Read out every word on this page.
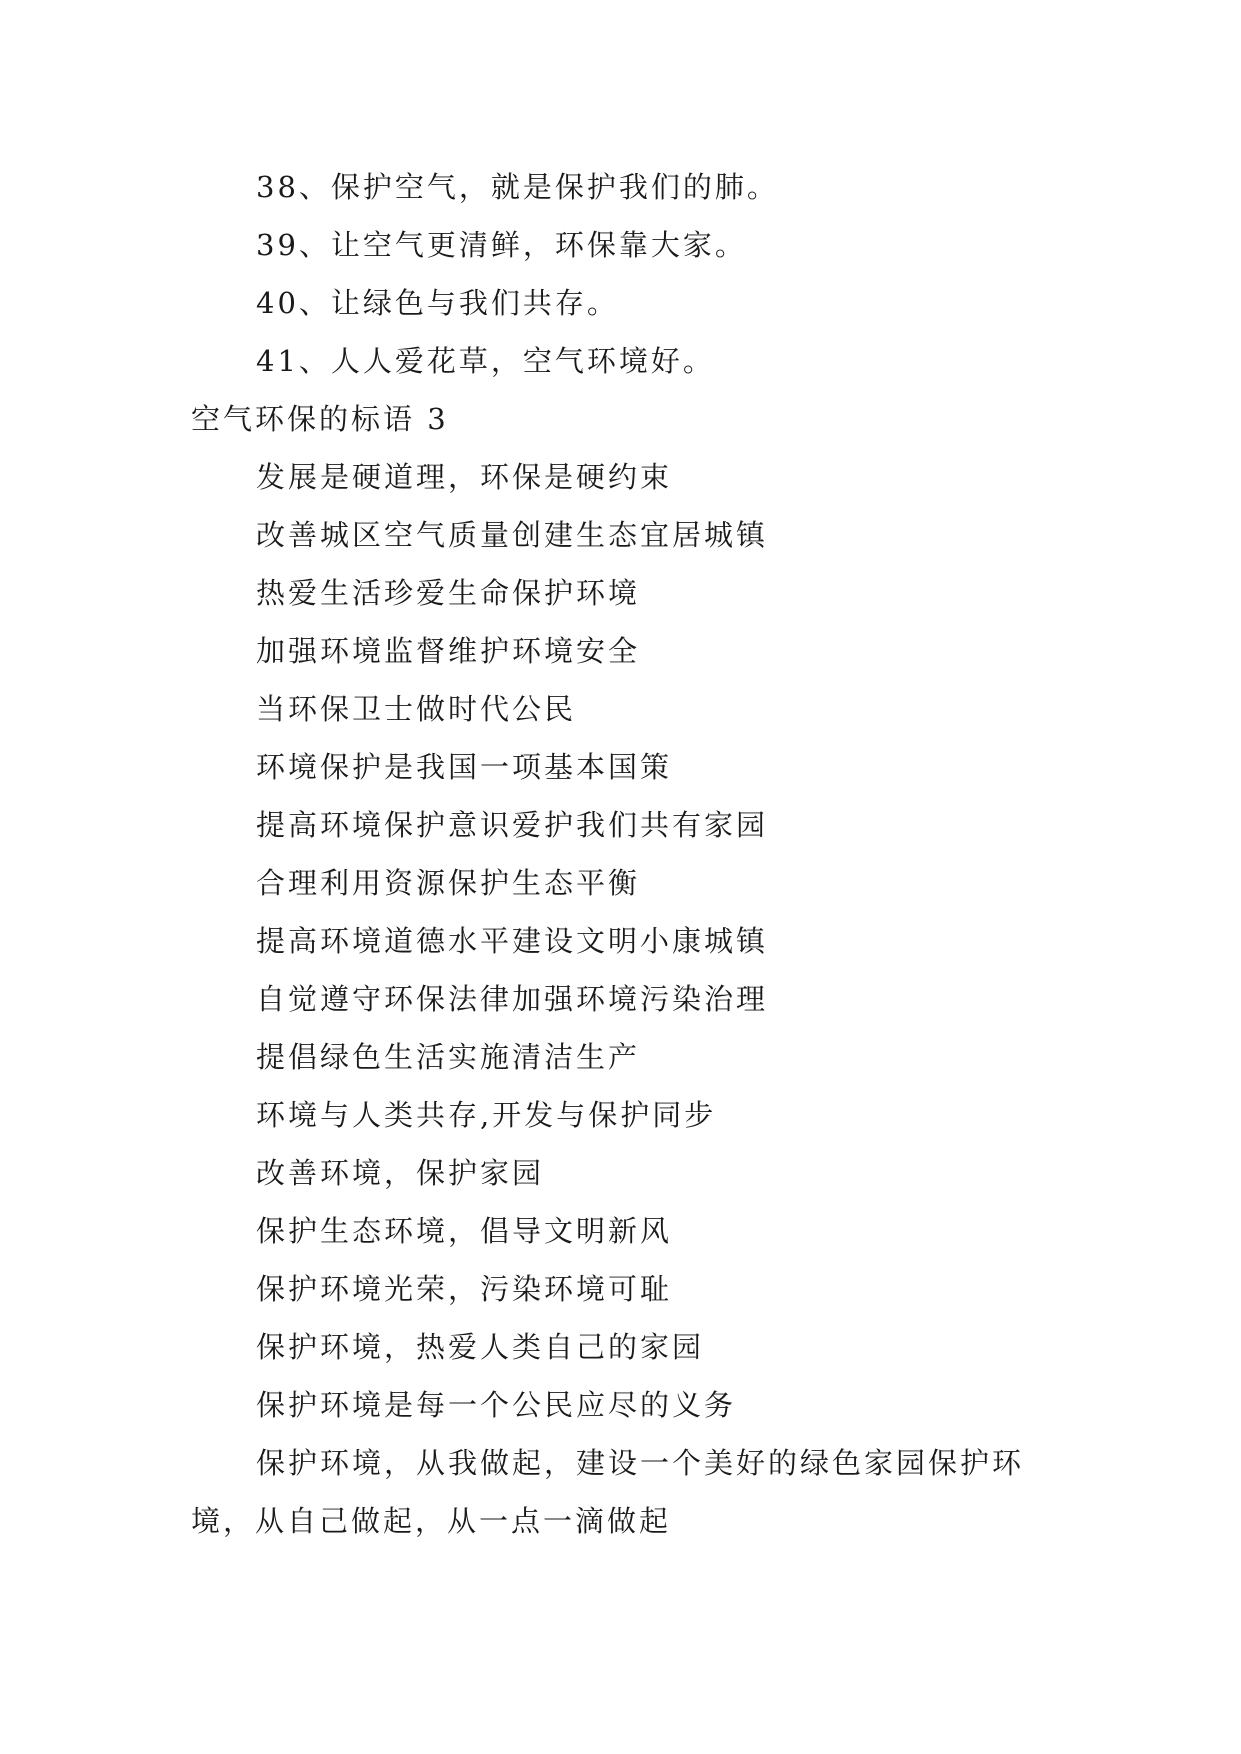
38、保护空气，就是保护我们的肺。
39、让空气更清鲜，环保靠大家。
40、让绿色与我们共存。
41、人人爱花草，空气环境好。
空气环保的标语 3
发展是硬道理，环保是硬约束
改善城区空气质量创建生态宜居城镇
热爱生活珍爱生命保护环境
加强环境监督维护环境安全
当环保卫士做时代公民
环境保护是我国一项基本国策
提高环境保护意识爱护我们共有家园
合理利用资源保护生态平衡
提高环境道德水平建设文明小康城镇
自觉遵守环保法律加强环境污染治理
提倡绿色生活实施清洁生产
环境与人类共存,开发与保护同步
改善环境，保护家园
保护生态环境，倡导文明新风
保护环境光荣，污染环境可耻
保护环境，热爱人类自己的家园
保护环境是每一个公民应尽的义务
保护环境，从我做起，建设一个美好的绿色家园保护环境，从自己做起，从一点一滴做起
